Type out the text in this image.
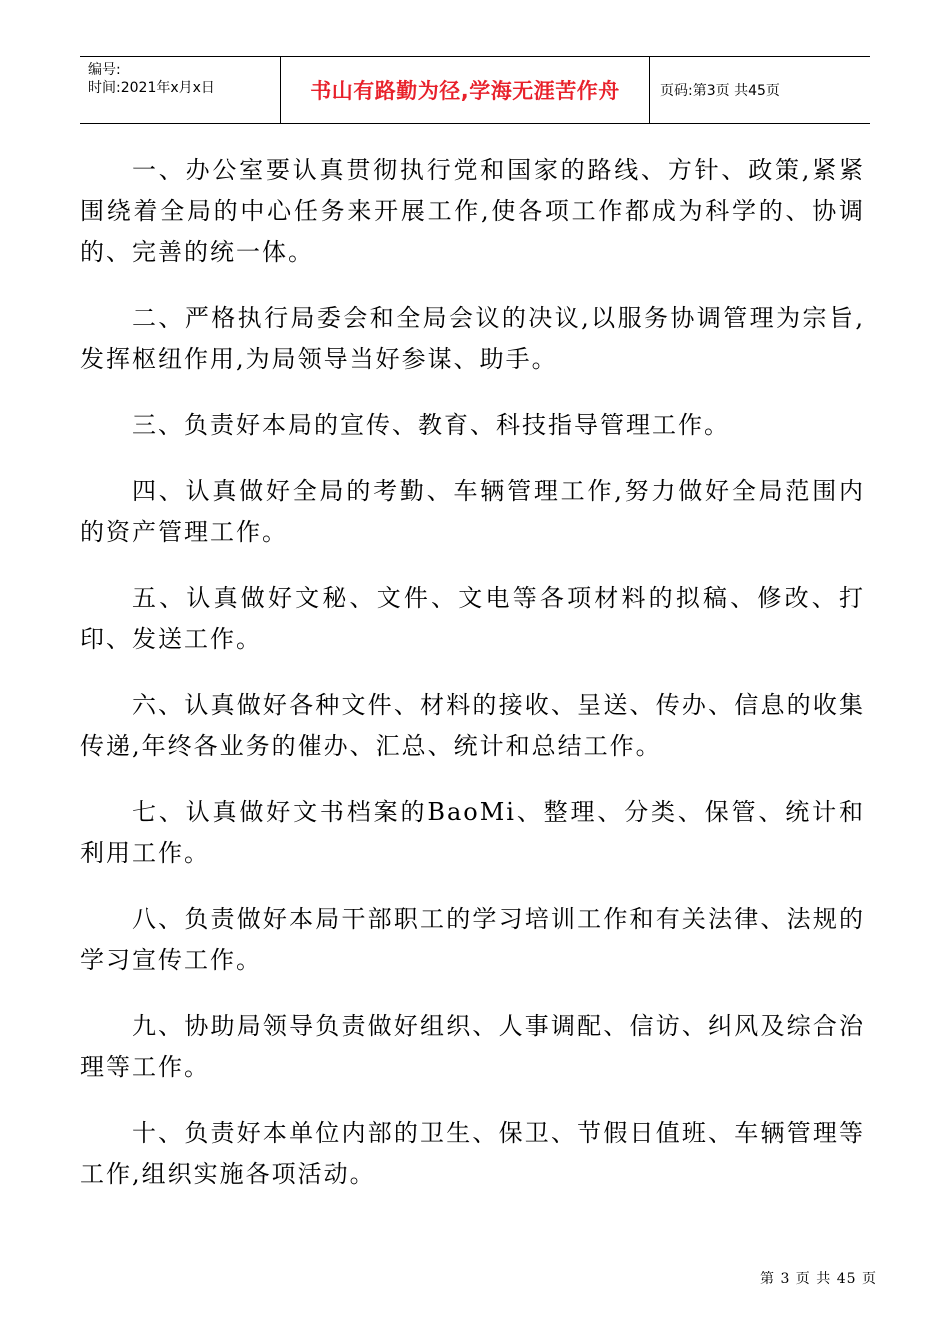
编号:
时间:2021年x月x日	书山有路勤为径,学海无涯苦作舟	页码:第3页 共45页

一、办公室要认真贯彻执行党和国家的路线、方针、政策,紧紧围绕着全局的中心任务来开展工作,使各项工作都成为科学的、协调的、完善的统一体。

二、严格执行局委会和全局会议的决议,以服务协调管理为宗旨,发挥枢纽作用,为局领导当好参谋、助手。

三、负责好本局的宣传、教育、科技指导管理工作。

四、认真做好全局的考勤、车辆管理工作,努力做好全局范围内的资产管理工作。

五、认真做好文秘、文件、文电等各项材料的拟稿、修改、打印、发送工作。

六、认真做好各种文件、材料的接收、呈送、传办、信息的收集传递,年终各业务的催办、汇总、统计和总结工作。

七、认真做好文书档案的BaoMi、整理、分类、保管、统计和利用工作。

八、负责做好本局干部职工的学习培训工作和有关法律、法规的学习宣传工作。

九、协助局领导负责做好组织、人事调配、信访、纠风及综合治理等工作。

十、负责好本单位内部的卫生、保卫、节假日值班、车辆管理等工作,组织实施各项活动。

第 3 页 共 45 页
